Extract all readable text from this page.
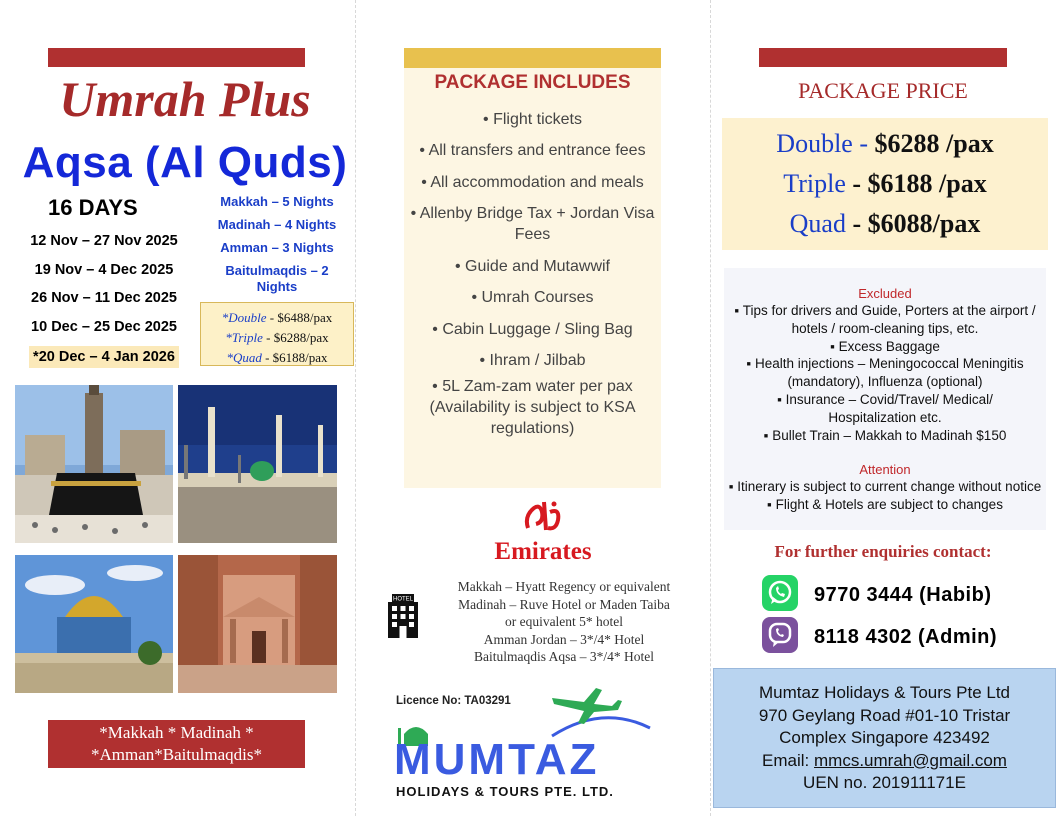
Umrah Plus
Aqsa (Al Quds)
16 DAYS
12 Nov – 27 Nov 2025
19 Nov – 4 Dec 2025
26 Nov – 11 Dec 2025
10 Dec – 25 Dec 2025
*20 Dec – 4 Jan 2026
Makkah – 5 Nights
Madinah – 4 Nights
Amman – 3 Nights
Baitulmaqdis – 2 Nights
*Double - $6488/pax
*Triple - $6288/pax
*Quad - $6188/pax
*Makkah * Madinah *
*Amman*Baitulmaqdis*
PACKAGE INCLUDES
• Flight tickets
• All transfers and entrance fees
• All accommodation and meals
• Allenby Bridge Tax + Jordan Visa Fees
• Guide and Mutawwif
• Umrah Courses
• Cabin Luggage / Sling Bag
• Ihram / Jilbab
• 5L Zam-zam water per pax (Availability is subject to KSA regulations)
Emirates
HOTEL
Makkah – Hyatt Regency or equivalent
Madinah – Ruve Hotel or Maden Taiba
or equivalent 5* hotel
Amman Jordan – 3*/4* Hotel
Baitulmaqdis Aqsa – 3*/4* Hotel
Licence No: TA03291
MUMTAZ
HOLIDAYS & TOURS PTE. LTD.
PACKAGE PRICE
Double - $6288 /pax
Triple - $6188 /pax
Quad - $6088/pax
Excluded
▪ Tips for drivers and Guide, Porters at the airport / hotels / room-cleaning tips, etc.
▪ Excess Baggage
▪ Health injections – Meningococcal Meningitis (mandatory), Influenza (optional)
▪ Insurance – Covid/Travel/ Medical/ Hospitalization etc.
▪ Bullet Train – Makkah to Madinah $150
Attention
▪ Itinerary is subject to current change without notice ▪ Flight & Hotels are subject to changes
For further enquiries contact:
9770 3444 (Habib)
8118 4302 (Admin)
Mumtaz Holidays & Tours Pte Ltd
970 Geylang Road #01-10 Tristar
Complex Singapore 423492
Email: mmcs.umrah@gmail.com
UEN no. 201911171E
